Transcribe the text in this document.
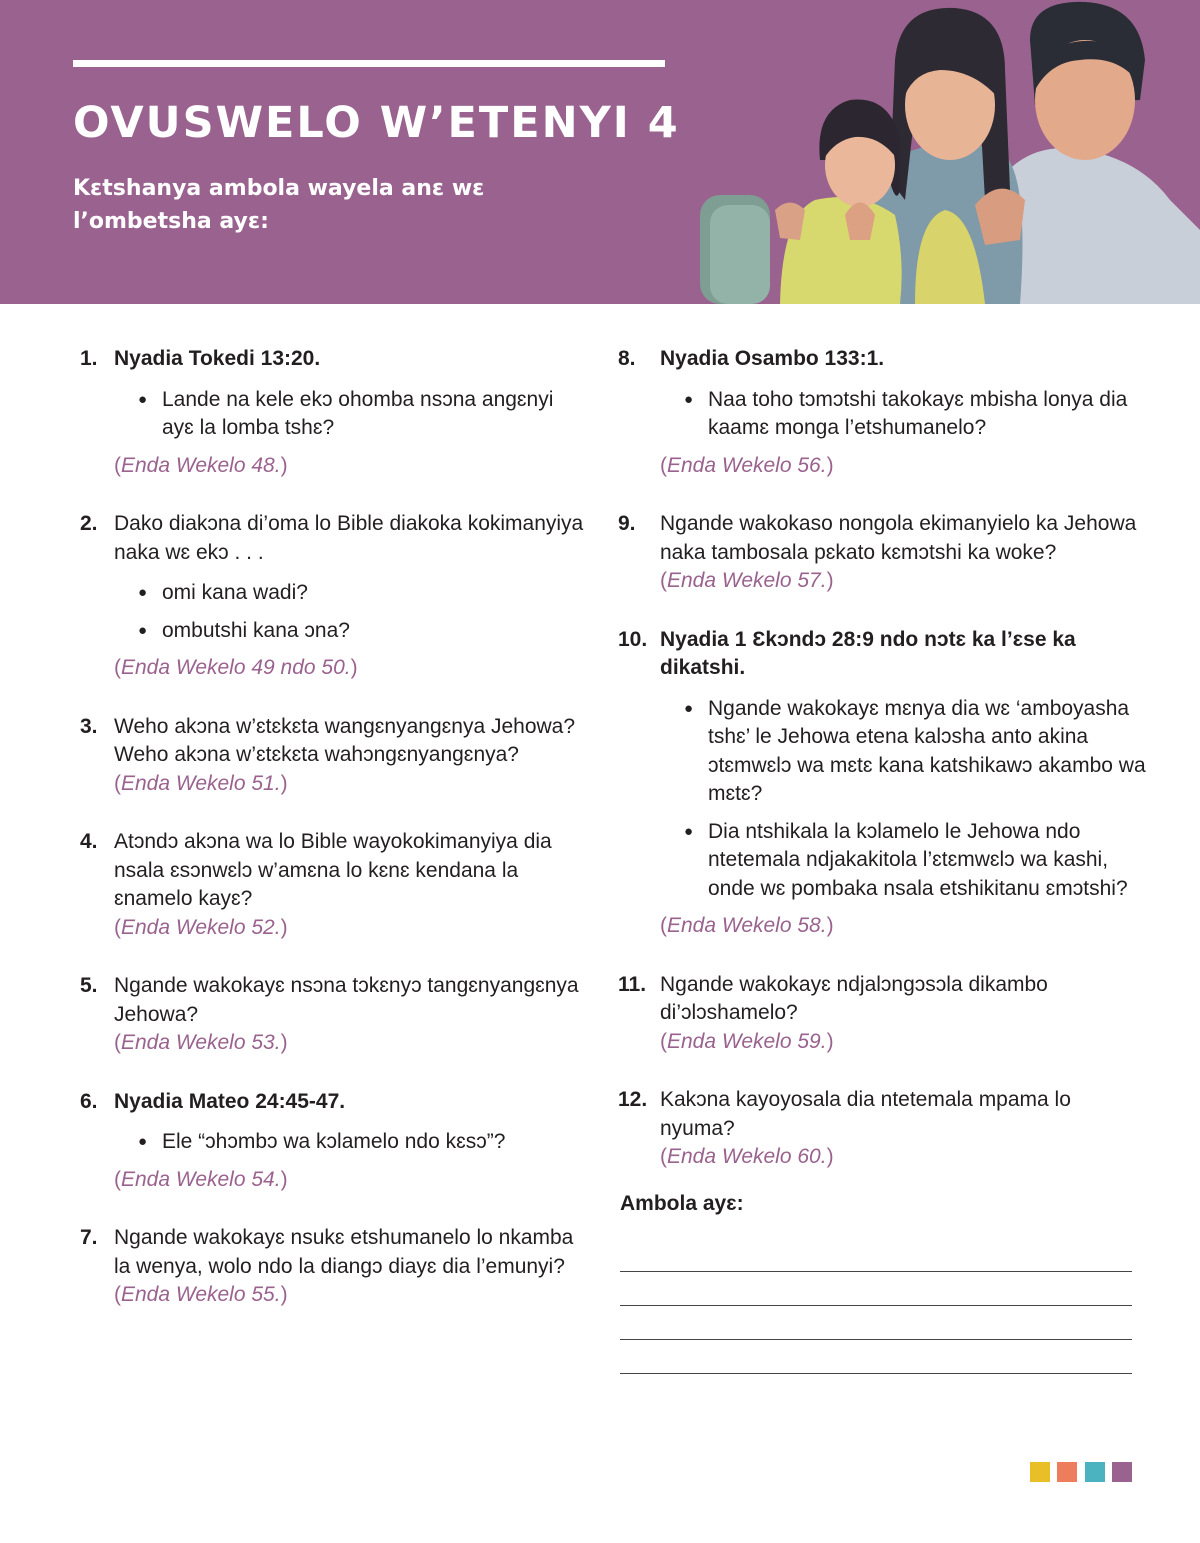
OVUSWELO W’ETENYI 4

Kɛtshanya ambola wayela anɛ wɛ l’ombetsha ayɛ:

1. Nyadia Tokedi 13:20.
● Lande na kele ekɔ ohomba nsɔna angɛnyi ayɛ la lomba tshɛ?
(Enda Wekelo 48.)
2. Dako diakɔna di’oma lo Bible diakoka kokimanyiya naka wɛ ekɔ . . .
● omi kana wadi?
● ombutshi kana ɔna?
(Enda Wekelo 49 ndo 50.)
3. Weho akɔna w’ɛtɛkɛta wangɛnyangɛnya Jehowa? Weho akɔna w’ɛtɛkɛta wahɔngɛnyangɛnya?
(Enda Wekelo 51.)
4. Atɔndɔ akɔna wa lo Bible wayokokimanyiya dia nsala ɛsɔnwɛlɔ w’amɛna lo kɛnɛ kendana la ɛnamelo kayɛ?
(Enda Wekelo 52.)
5. Ngande wakokayɛ nsɔna tɔkɛnyɔ tangɛnyangɛnya Jehowa?
(Enda Wekelo 53.)
6. Nyadia Mateo 24:45-47.
● Ele “ɔhɔmbɔ wa kɔlamelo ndo kɛsɔ”?
(Enda Wekelo 54.)
7. Ngande wakokayɛ nsukɛ etshumanelo lo nkamba la wenya, wolo ndo la diangɔ diayɛ dia l’emunyi?
(Enda Wekelo 55.)
8. Nyadia Osambo 133:1.
● Naa toho tɔmɔtshi takokayɛ mbisha lonya dia kaamɛ monga l’etshumanelo?
(Enda Wekelo 56.)
9. Ngande wakokaso nongola ekimanyielo ka Jehowa naka tambosala pɛkato kɛmɔtshi ka woke?
(Enda Wekelo 57.)
10. Nyadia 1 Ɛkɔndɔ 28:9 ndo nɔtɛ ka l’ɛse ka dikatshi.
● Ngande wakokayɛ mɛnya dia wɛ ‘amboyasha tshɛ’ le Jehowa etena kalɔsha anto akina ɔtɛmwɛlɔ wa mɛtɛ kana katshikawɔ akambo wa mɛtɛ?
● Dia ntshikala la kɔlamelo le Jehowa ndo ntetemala ndjakakitola l’ɛtɛmwɛlɔ wa kashi, onde wɛ pombaka nsala etshikitanu ɛmɔtshi?
(Enda Wekelo 58.)
11. Ngande wakokayɛ ndjalɔngɔsɔla dikambo di’ɔlɔshamelo?
(Enda Wekelo 59.)
12. Kakɔna kayoyosala dia ntetemala mpama lo nyuma?
(Enda Wekelo 60.)

Ambola ayɛ:
